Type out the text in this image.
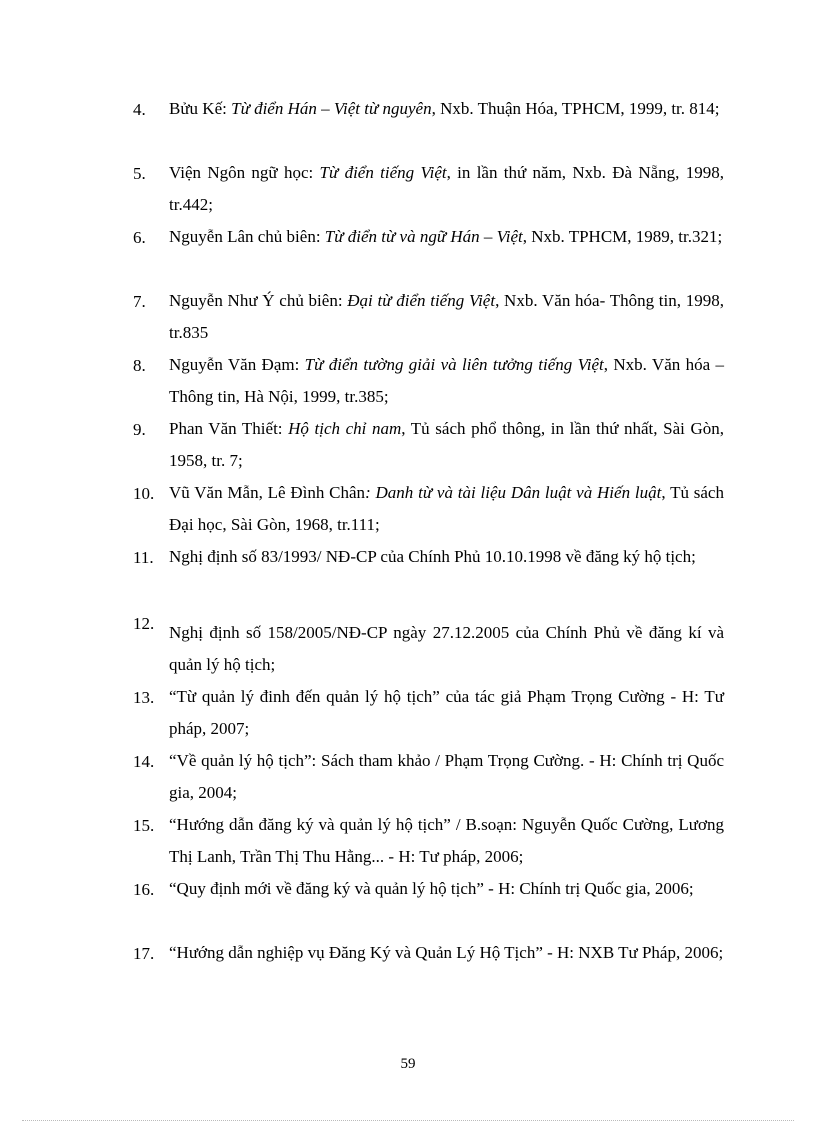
4. Bửu Kế: Từ điển Hán – Việt từ nguyên, Nxb. Thuận Hóa, TPHCM, 1999, tr. 814;
5. Viện Ngôn ngữ học: Từ điển tiếng Việt, in lần thứ năm, Nxb. Đà Nẵng, 1998, tr.442;
6. Nguyễn Lân chủ biên: Từ điển từ và ngữ Hán – Việt, Nxb. TPHCM, 1989, tr.321;
7. Nguyễn Như Ý chủ biên: Đại từ điển tiếng Việt, Nxb. Văn hóa- Thông tin, 1998, tr.835
8. Nguyễn Văn Đạm: Từ điển tường giải và liên tưởng tiếng Việt, Nxb. Văn hóa – Thông tin, Hà Nội, 1999, tr.385;
9. Phan Văn Thiết: Hộ tịch chỉ nam, Tủ sách phổ thông, in lần thứ nhất, Sài Gòn, 1958, tr. 7;
10. Vũ Văn Mẫn, Lê Đình Chân: Danh từ và tài liệu Dân luật và Hiến luật, Tủ sách Đại học, Sài Gòn, 1968, tr.111;
11. Nghị định số 83/1993/ NĐ-CP của Chính Phủ 10.10.1998 về đăng ký hộ tịch;
12. Nghị định số 158/2005/NĐ-CP ngày 27.12.2005 của Chính Phủ về đăng kí và quản lý hộ tịch;
13. “Từ quản lý đinh đến quản lý hộ tịch” của tác giả Phạm Trọng Cường - H: Tư pháp, 2007;
14. “Về quản lý hộ tịch”: Sách tham khảo / Phạm Trọng Cường. - H: Chính trị Quốc gia, 2004;
15. “Hướng dẫn đăng ký và quản lý hộ tịch” / B.soạn: Nguyễn Quốc Cường, Lương Thị Lanh, Trần Thị Thu Hằng... - H: Tư pháp, 2006;
16. “Quy định mới về đăng ký và quản lý hộ tịch” - H: Chính trị Quốc gia, 2006;
17. “Hướng dẫn nghiệp vụ Đăng Ký và Quản Lý Hộ Tịch” - H: NXB Tư Pháp, 2006;
59
